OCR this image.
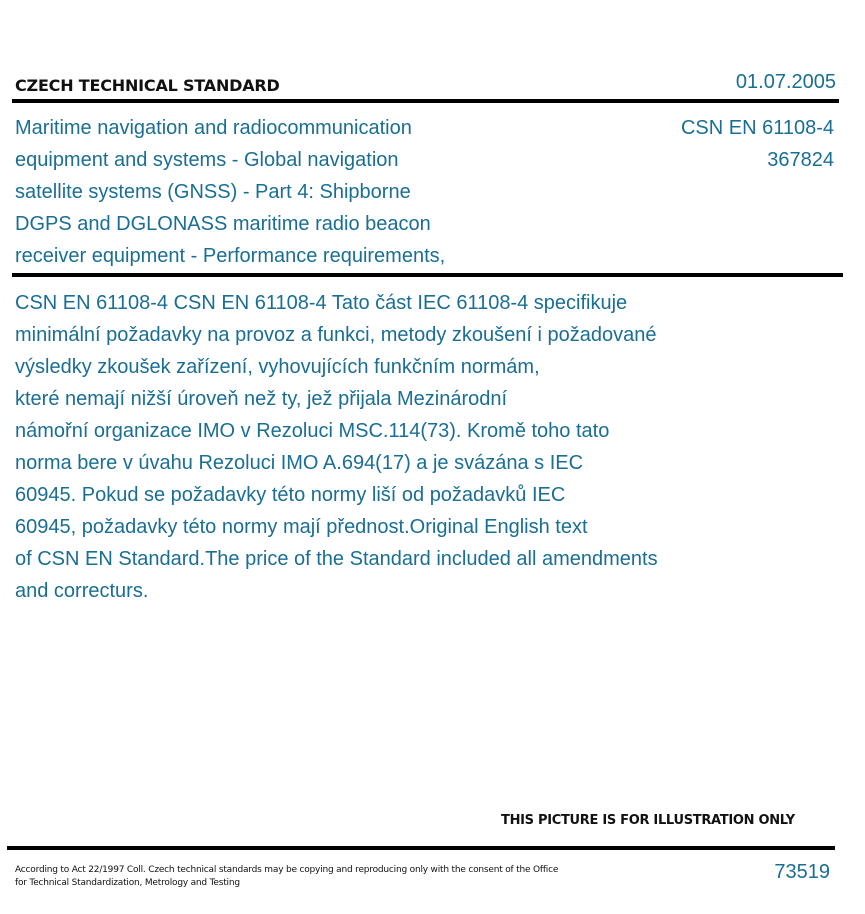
CZECH TECHNICAL STANDARD	01.07.2005
Maritime navigation and radiocommunication
equipment and systems - Global navigation
satellite systems (GNSS) - Part 4: Shipborne
DGPS and DGLONASS maritime radio beacon
receiver equipment - Performance requirements,
CSN EN 61108-4
367824
CSN EN 61108-4 CSN EN 61108-4 Tato část IEC 61108-4 specifikuje
minimální požadavky na provoz a funkci, metody zkoušení i požadované
výsledky zkoušek zařízení, vyhovujících funkčním normám,
které nemají nižší úroveň než ty, jež přijala Mezinárodní
námořní organizace IMO v Rezoluci MSC.114(73). Kromě toho tato
norma bere v úvahu Rezoluci IMO A.694(17) a je svázána s IEC
60945. Pokud se požadavky této normy liší od požadavků IEC
60945, požadavky této normy mají přednost.Original English text
of CSN EN Standard.The price of the Standard included all amendments
and correcturs.
THIS PICTURE IS FOR ILLUSTRATION ONLY
According to Act 22/1997 Coll. Czech technical standards may be copying and reproducing only with the consent of the Office
for Technical Standardization, Metrology and Testing	73519
